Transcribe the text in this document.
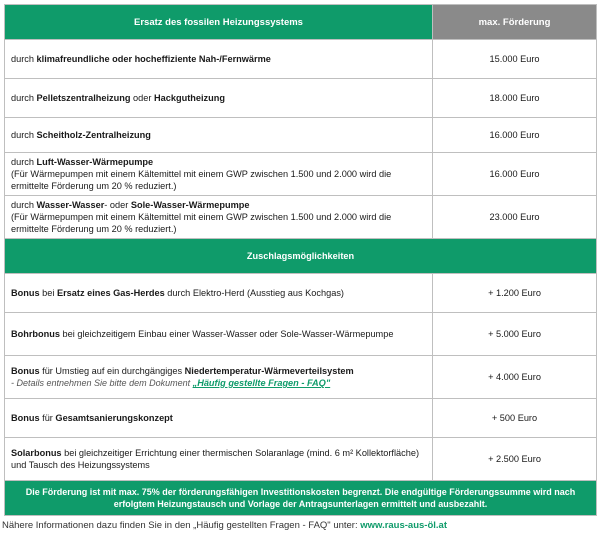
Ersatz des fossilen Heizungssystems	max. Förderung
durch klimafreundliche oder hocheffiziente Nah-/Fernwärme	15.000 Euro
durch Pelletszentralheizung oder Hackgutheizung	18.000 Euro
durch Scheitholz-Zentralheizung	16.000 Euro
durch Luft-Wasser-Wärmepumpe
(Für Wärmepumpen mit einem Kältemittel mit einem GWP zwischen 1.500 und 2.000 wird die ermittelte Förderung um 20 % reduziert.)	16.000 Euro
durch Wasser-Wasser- oder Sole-Wasser-Wärmepumpe
(Für Wärmepumpen mit einem Kältemittel mit einem GWP zwischen 1.500 und 2.000 wird die ermittelte Förderung um 20 % reduziert.)	23.000 Euro
Zuschlagsmöglichkeiten	
Bonus bei Ersatz eines Gas-Herdes durch Elektro-Herd (Ausstieg aus Kochgas)	+ 1.200 Euro
Bohrbonus bei gleichzeitigem Einbau einer Wasser-Wasser oder Sole-Wasser-Wärmepumpe	+ 5.000 Euro
Bonus für Umstieg auf ein durchgängiges Niedertemperatur-Wärmeverteilsystem
- Details entnehmen Sie bitte dem Dokument „Häufig gestellte Fragen - FAQ"	+ 4.000 Euro
Bonus für Gesamtsanierungskonzept	+ 500 Euro
Solarbonus bei gleichzeitiger Errichtung einer thermischen Solaranlage (mind. 6 m² Kollektorfläche) und Tausch des Heizungssystems	+ 2.500 Euro
Die Förderung ist mit max. 75% der förderungsfähigen Investitionskosten begrenzt. Die endgültige Förderungssumme wird nach erfolgtem Heizungstausch und Vorlage der Antragsunterlagen ermittelt und ausbezahlt.	
Nähere Informationen dazu finden Sie in den „Häufig gestellten Fragen - FAQ" unter: www.raus-aus-öl.at
